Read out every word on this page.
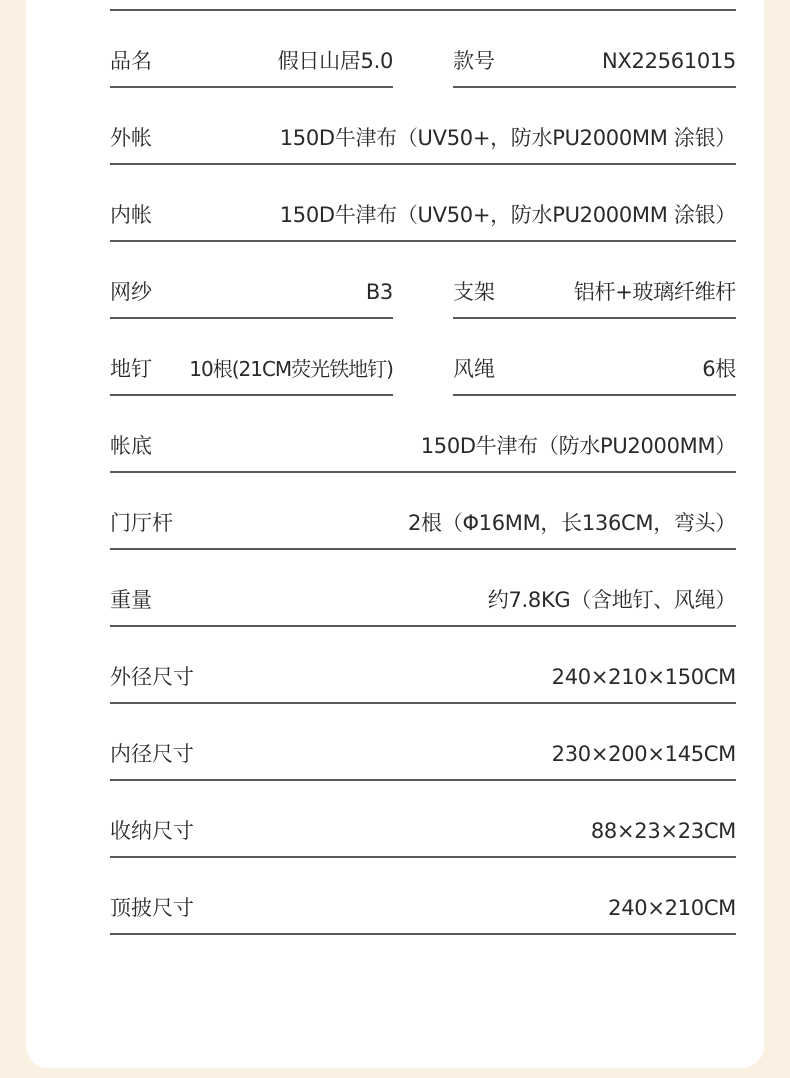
品名	假日山居5.0	款号	NX22561015
外帐	150D牛津布（UV50+，防水PU2000MM 涂银）
内帐	150D牛津布（UV50+，防水PU2000MM 涂银）
网纱	B3	支架	铝杆+玻璃纤维杆
地钉 10根(21CM荧光铁地钉)	风绳	6根
帐底	150D牛津布（防水PU2000MM）
门厅杆	2根（Φ16MM，长136CM，弯头）
重量	约7.8KG（含地钉、风绳）
外径尺寸	240×210×150CM
内径尺寸	230×200×145CM
收纳尺寸	88×23×23CM
顶披尺寸	240×210CM
